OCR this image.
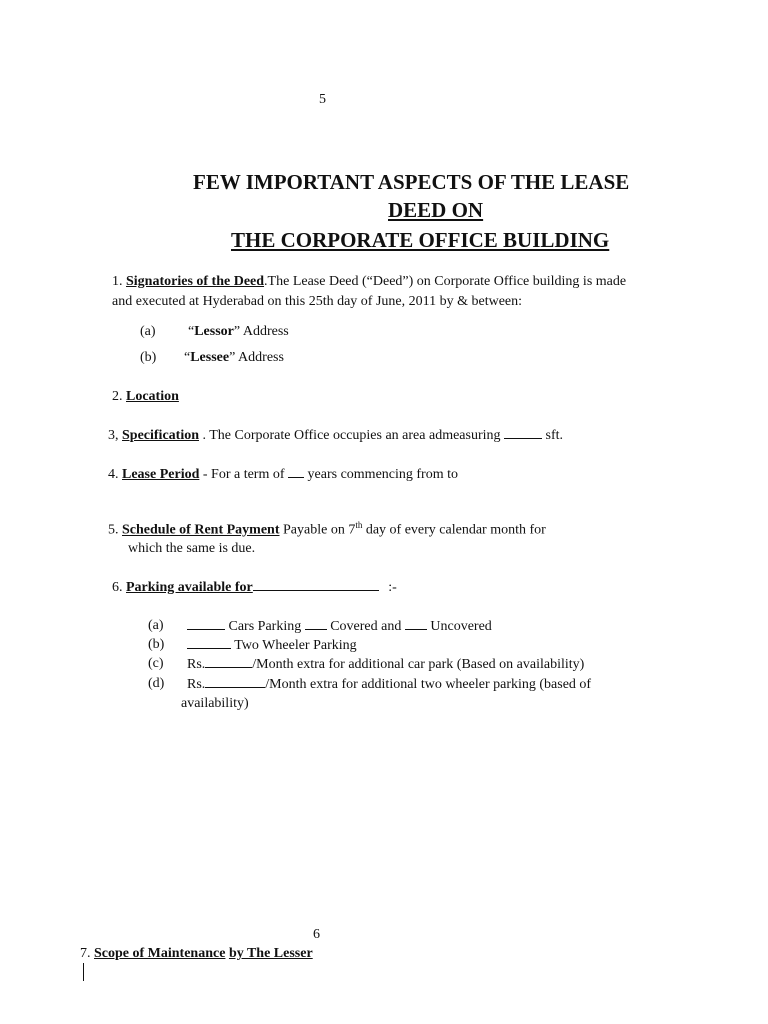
5
FEW IMPORTANT ASPECTS OF THE LEASE
DEED ON
THE CORPORATE OFFICE BUILDING
1. Signatories of the Deed.The Lease Deed (“Deed”) on Corporate Office building is made
and executed at Hyderabad on this 25th day of June, 2011 by & between:
(a) “Lessor” Address
(b) “Lessee” Address
2. Location
3, Specification . The Corporate Office occupies an area admeasuring	sft.
4. Lease Period - For a term of  years commencing from to
5. Schedule of Rent Payment Payable on 7th day of every calendar month for
which the same is due.
6. Parking available for	:-
(a)	Cars Parking  Covered and  Uncovered
(b)	Two Wheeler Parking
(c) Rs.	/Month extra for additional car park (Based on availability)
(d) Rs.	/Month extra for additional two wheeler parking (based of
availability)
6
7. Scope of Maintenance by The Lesser
